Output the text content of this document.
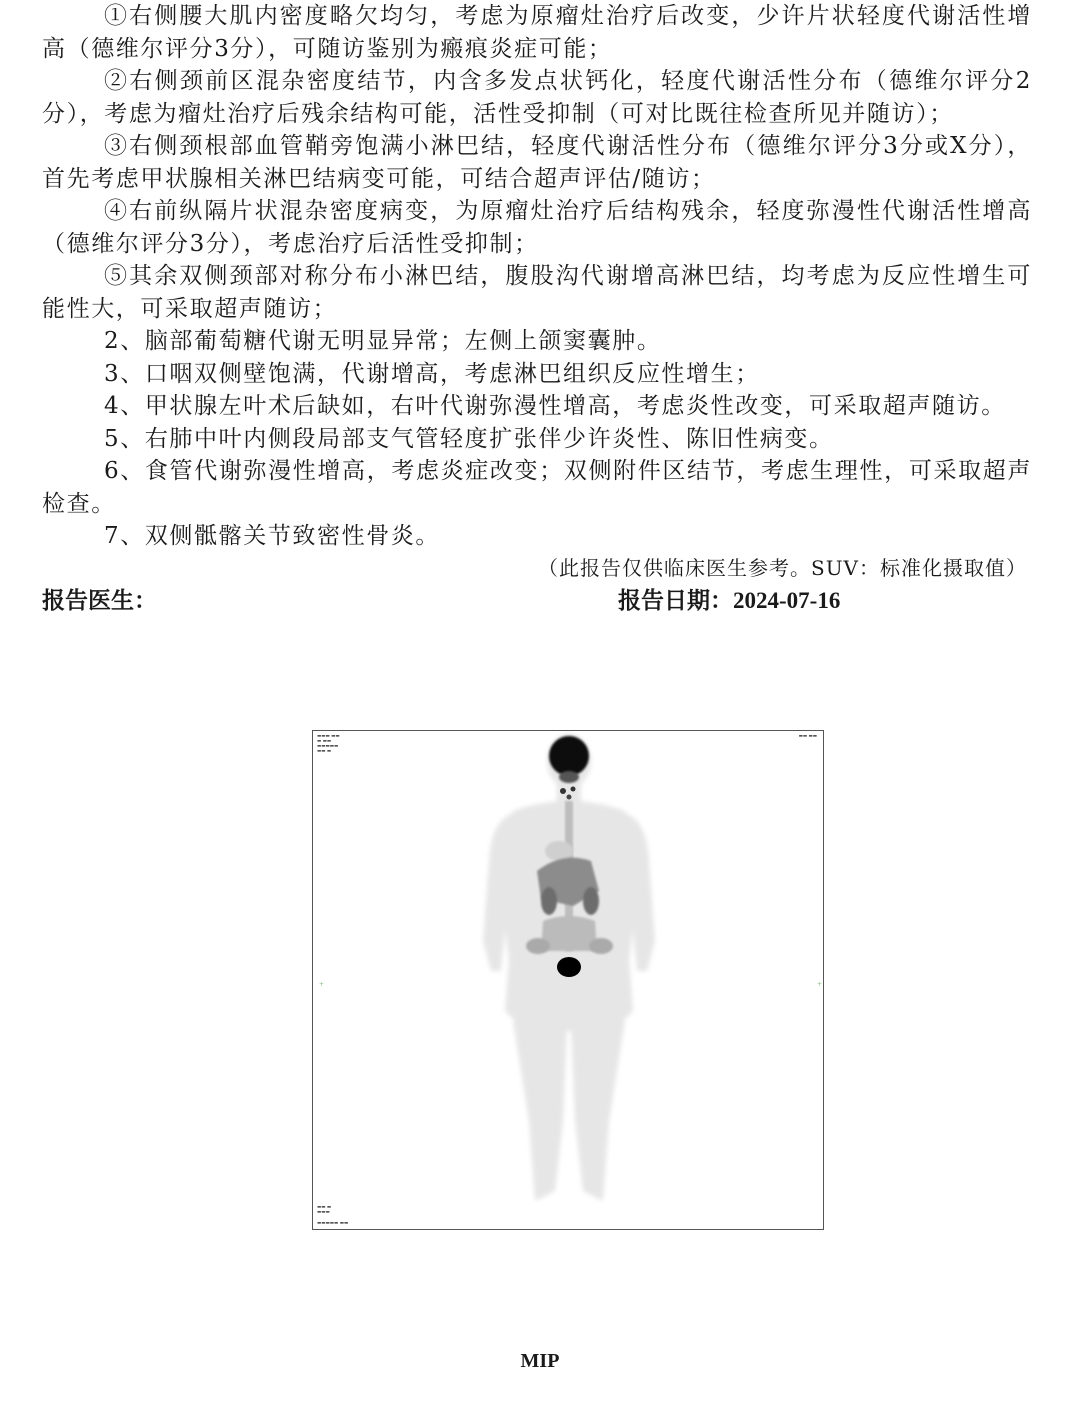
①右侧腰大肌内密度略欠均匀，考虑为原瘤灶治疗后改变，少许片状轻度代谢活性增高（德维尔评分3分），可随访鉴别为瘢痕炎症可能；

②右侧颈前区混杂密度结节，内含多发点状钙化，轻度代谢活性分布（德维尔评分2分），考虑为瘤灶治疗后残余结构可能，活性受抑制（可对比既往检查所见并随访）；

③右侧颈根部血管鞘旁饱满小淋巴结，轻度代谢活性分布（德维尔评分3分或X分），首先考虑甲状腺相关淋巴结病变可能，可结合超声评估/随访；

④右前纵隔片状混杂密度病变，为原瘤灶治疗后结构残余，轻度弥漫性代谢活性增高（德维尔评分3分），考虑治疗后活性受抑制；

⑤其余双侧颈部对称分布小淋巴结，腹股沟代谢增高淋巴结，均考虑为反应性增生可能性大，可采取超声随访；

2、脑部葡萄糖代谢无明显异常；左侧上颌窦囊肿。

3、口咽双侧壁饱满，代谢增高，考虑淋巴组织反应性增生；

4、甲状腺左叶术后缺如，右叶代谢弥漫性增高，考虑炎性改变，可采取超声随访。

5、右肺中叶内侧段局部支气管轻度扩张伴少许炎性、陈旧性病变。

6、食管代谢弥漫性增高，考虑炎症改变；双侧附件区结节，考虑生理性，可采取超声检查。

7、双侧骶髂关节致密性骨炎。

（此报告仅供临床医生参考。SUV：标准化摄取值）
报告医生：	报告日期：2024-07-16
▬▬▬ ▬▬
▬ ▬▬
▬▬▬▬▬
▬▬ ▬
▬▬ ▬▬
▬▬ ▬
▬▬▬
▬▬▬▬▬ ▬▬
+	+
MIP
